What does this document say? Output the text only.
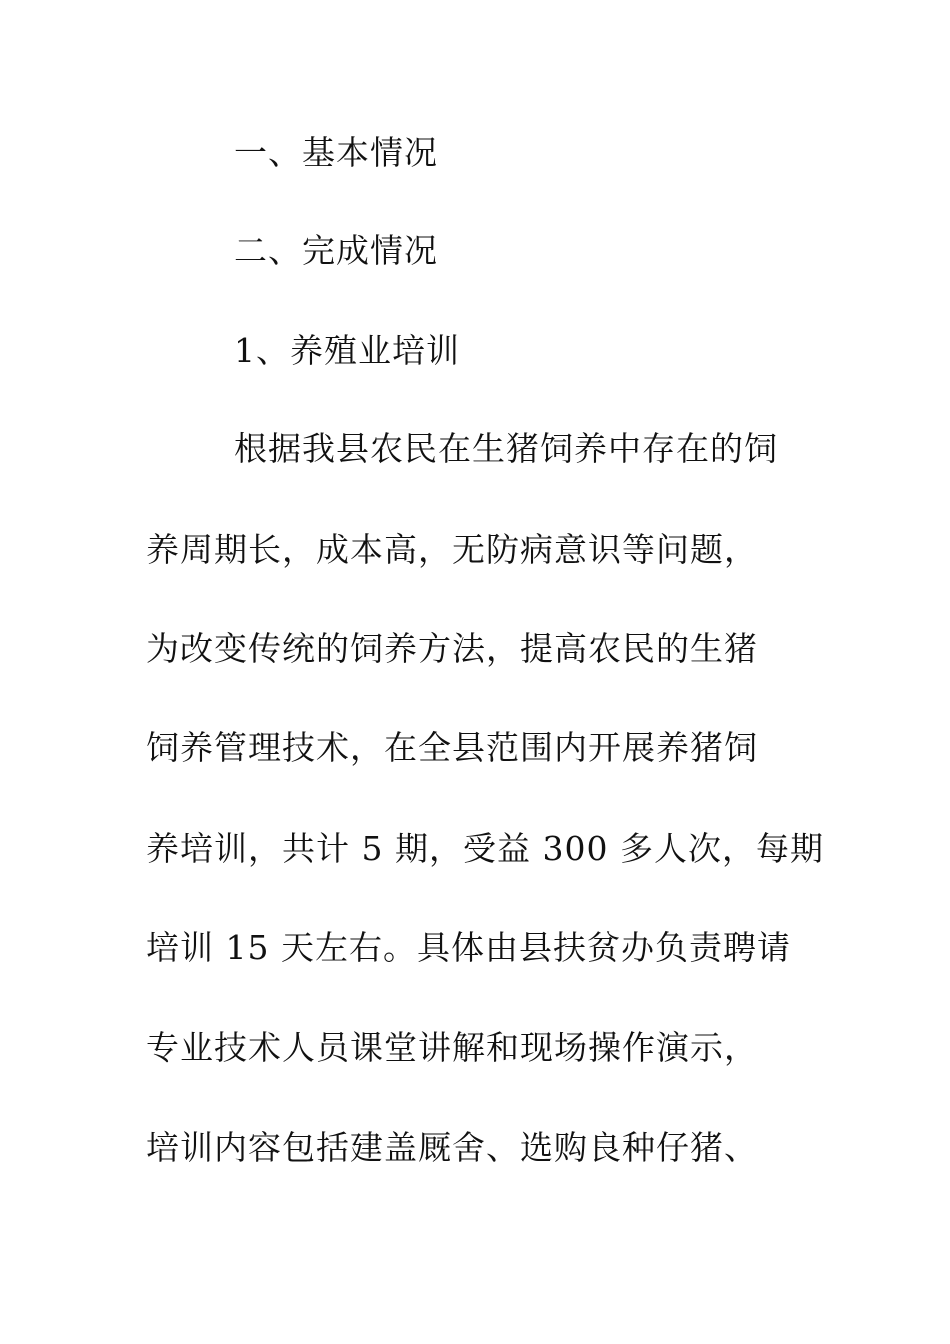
一、基本情况
二、完成情况
1、养殖业培训
根据我县农民在生猪饲养中存在的饲
养周期长，成本高，无防病意识等问题，
为改变传统的饲养方法，提高农民的生猪
饲养管理技术，在全县范围内开展养猪饲
养培训，共计 5 期，受益 300 多人次，每期
培训 15 天左右。具体由县扶贫办负责聘请
专业技术人员课堂讲解和现场操作演示，
培训内容包括建盖厩舍、选购良种仔猪、
